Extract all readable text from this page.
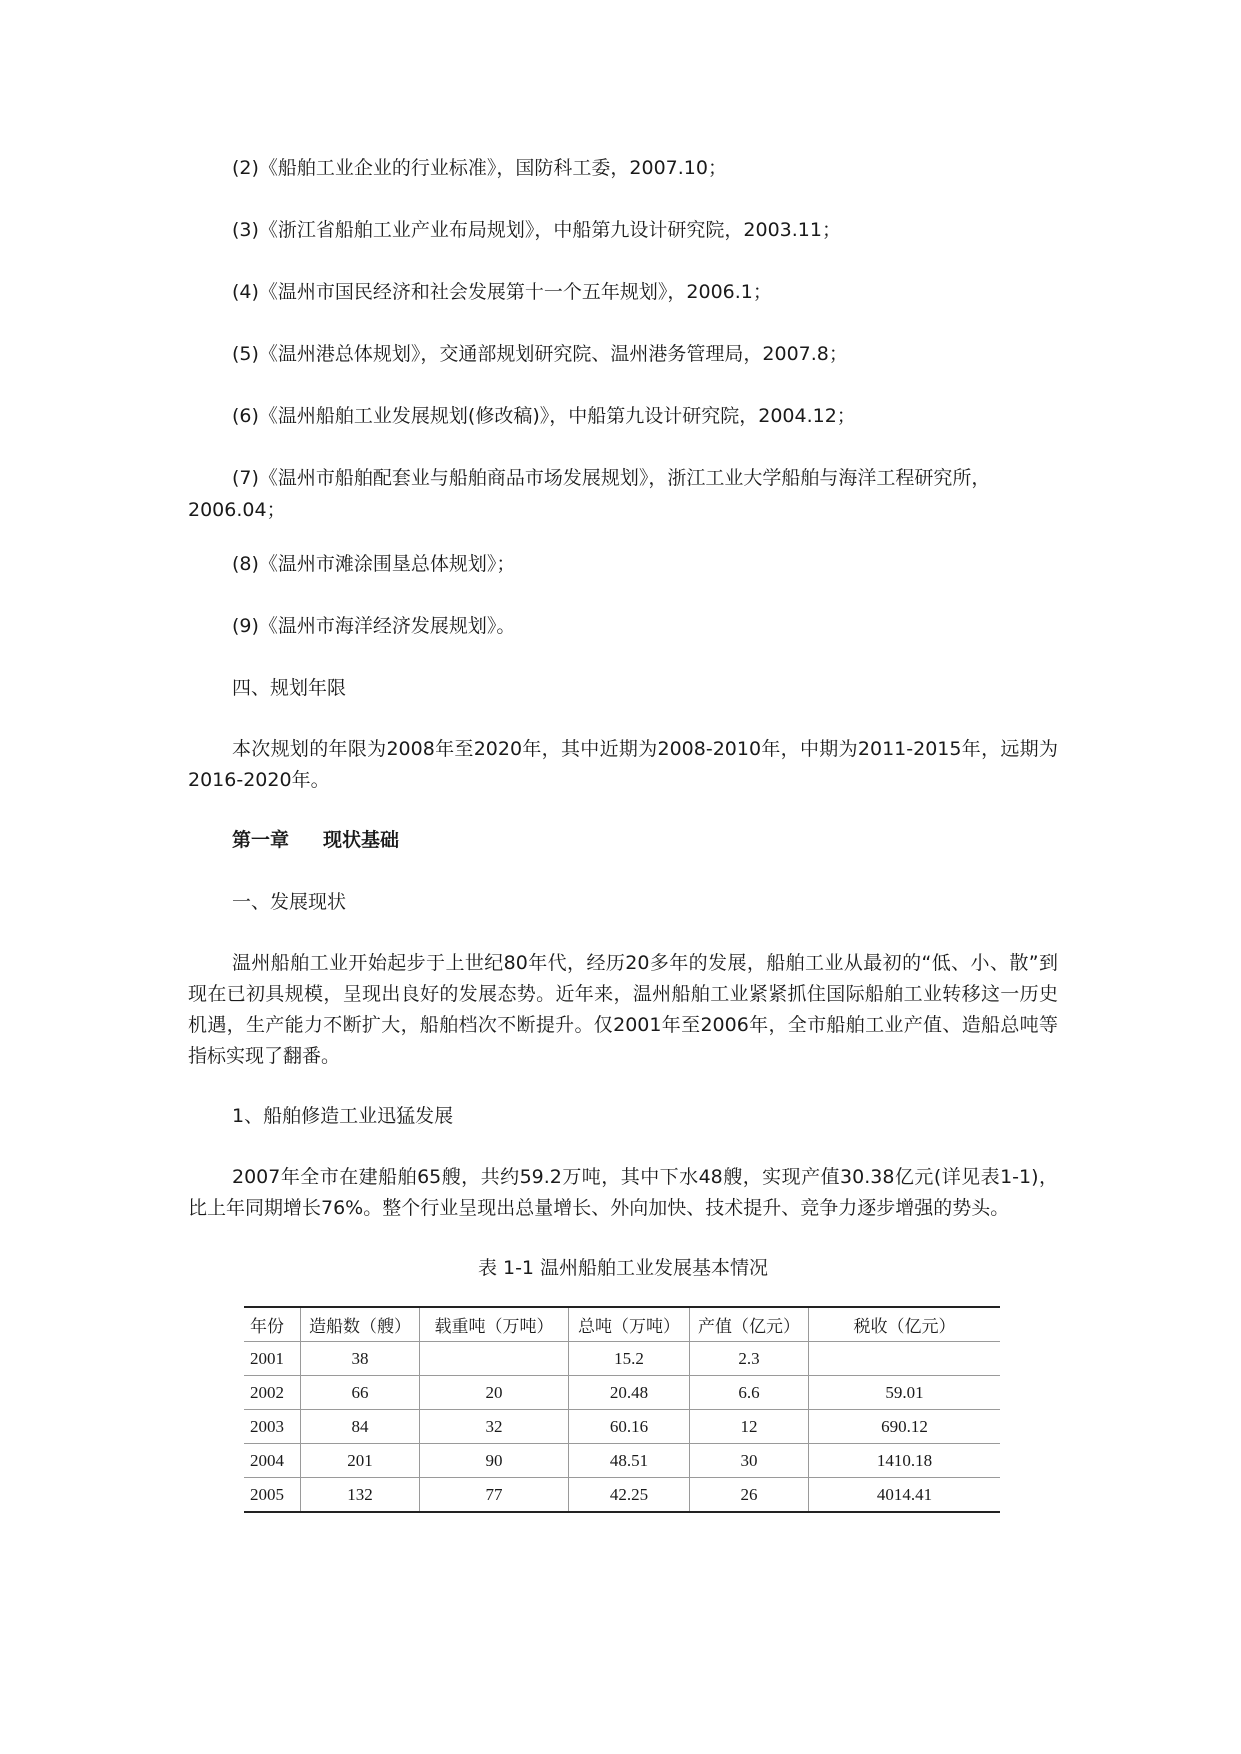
(2)《船舶工业企业的行业标准》，国防科工委，2007.10；

(3)《浙江省船舶工业产业布局规划》，中船第九设计研究院，2003.11；

(4)《温州市国民经济和社会发展第十一个五年规划》，2006.1；

(5)《温州港总体规划》，交通部规划研究院、温州港务管理局，2007.8；

(6)《温州船舶工业发展规划(修改稿)》，中船第九设计研究院，2004.12；

(7)《温州市船舶配套业与船舶商品市场发展规划》，浙江工业大学船舶与海洋工程研究所，2006.04；

(8)《温州市滩涂围垦总体规划》；

(9)《温州市海洋经济发展规划》。

四、规划年限

本次规划的年限为2008年至2020年，其中近期为2008-2010年，中期为2011-2015年，远期为2016-2020年。

第一章 现状基础

一、发展现状

温州船舶工业开始起步于上世纪80年代，经历20多年的发展，船舶工业从最初的“低、小、散”到现在已初具规模，呈现出良好的发展态势。近年来，温州船舶工业紧紧抓住国际船舶工业转移这一历史机遇，生产能力不断扩大，船舶档次不断提升。仅2001年至2006年，全市船舶工业产值、造船总吨等指标实现了翻番。

1、船舶修造工业迅猛发展

2007年全市在建船舶65艘，共约59.2万吨，其中下水48艘，实现产值30.38亿元(详见表1-1)，比上年同期增长76%。整个行业呈现出总量增长、外向加快、技术提升、竞争力逐步增强的势头。

表 1-1 温州船舶工业发展基本情况

年份	造船数（艘）	载重吨（万吨）	总吨（万吨）	产值（亿元）	税收（亿元）
2001	38		15.2	2.3	
2002	66	20	20.48	6.6	59.01
2003	84	32	60.16	12	690.12
2004	201	90	48.51	30	1410.18
2005	132	77	42.25	26	4014.41
